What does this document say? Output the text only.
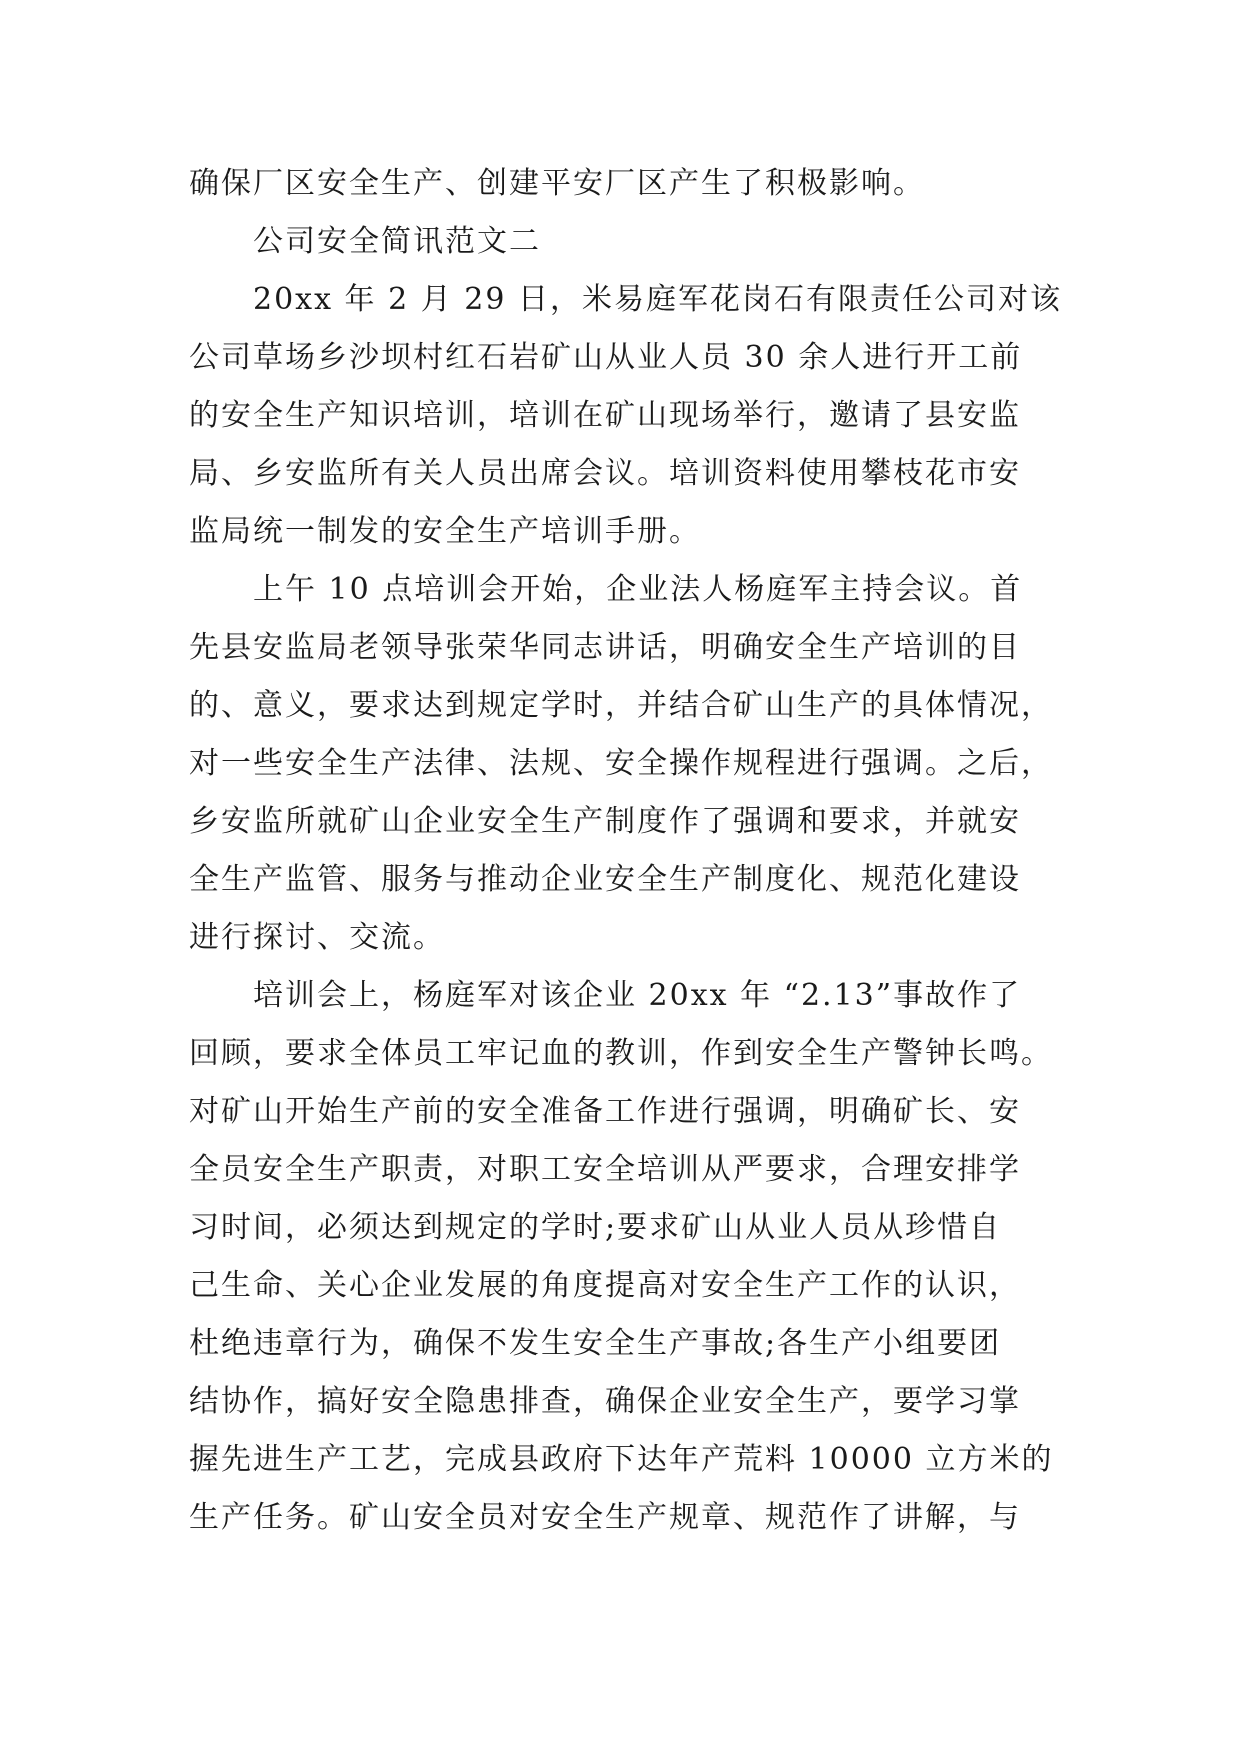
确保厂区安全生产、创建平安厂区产生了积极影响。
公司安全简讯范文二
20xx 年 2 月 29 日，米易庭军花岗石有限责任公司对该
公司草场乡沙坝村红石岩矿山从业人员 30 余人进行开工前
的安全生产知识培训，培训在矿山现场举行，邀请了县安监
局、乡安监所有关人员出席会议。培训资料使用攀枝花市安
监局统一制发的安全生产培训手册。
上午 10 点培训会开始，企业法人杨庭军主持会议。首
先县安监局老领导张荣华同志讲话，明确安全生产培训的目
的、意义，要求达到规定学时，并结合矿山生产的具体情况，
对一些安全生产法律、法规、安全操作规程进行强调。之后，
乡安监所就矿山企业安全生产制度作了强调和要求，并就安
全生产监管、服务与推动企业安全生产制度化、规范化建设
进行探讨、交流。
培训会上，杨庭军对该企业 20xx 年 “2.13”事故作了
回顾，要求全体员工牢记血的教训，作到安全生产警钟长鸣。
对矿山开始生产前的安全准备工作进行强调，明确矿长、安
全员安全生产职责，对职工安全培训从严要求，合理安排学
习时间，必须达到规定的学时;要求矿山从业人员从珍惜自
己生命、关心企业发展的角度提高对安全生产工作的认识，
杜绝违章行为，确保不发生安全生产事故;各生产小组要团
结协作，搞好安全隐患排查，确保企业安全生产，要学习掌
握先进生产工艺，完成县政府下达年产荒料 10000 立方米的
生产任务。矿山安全员对安全生产规章、规范作了讲解，与
